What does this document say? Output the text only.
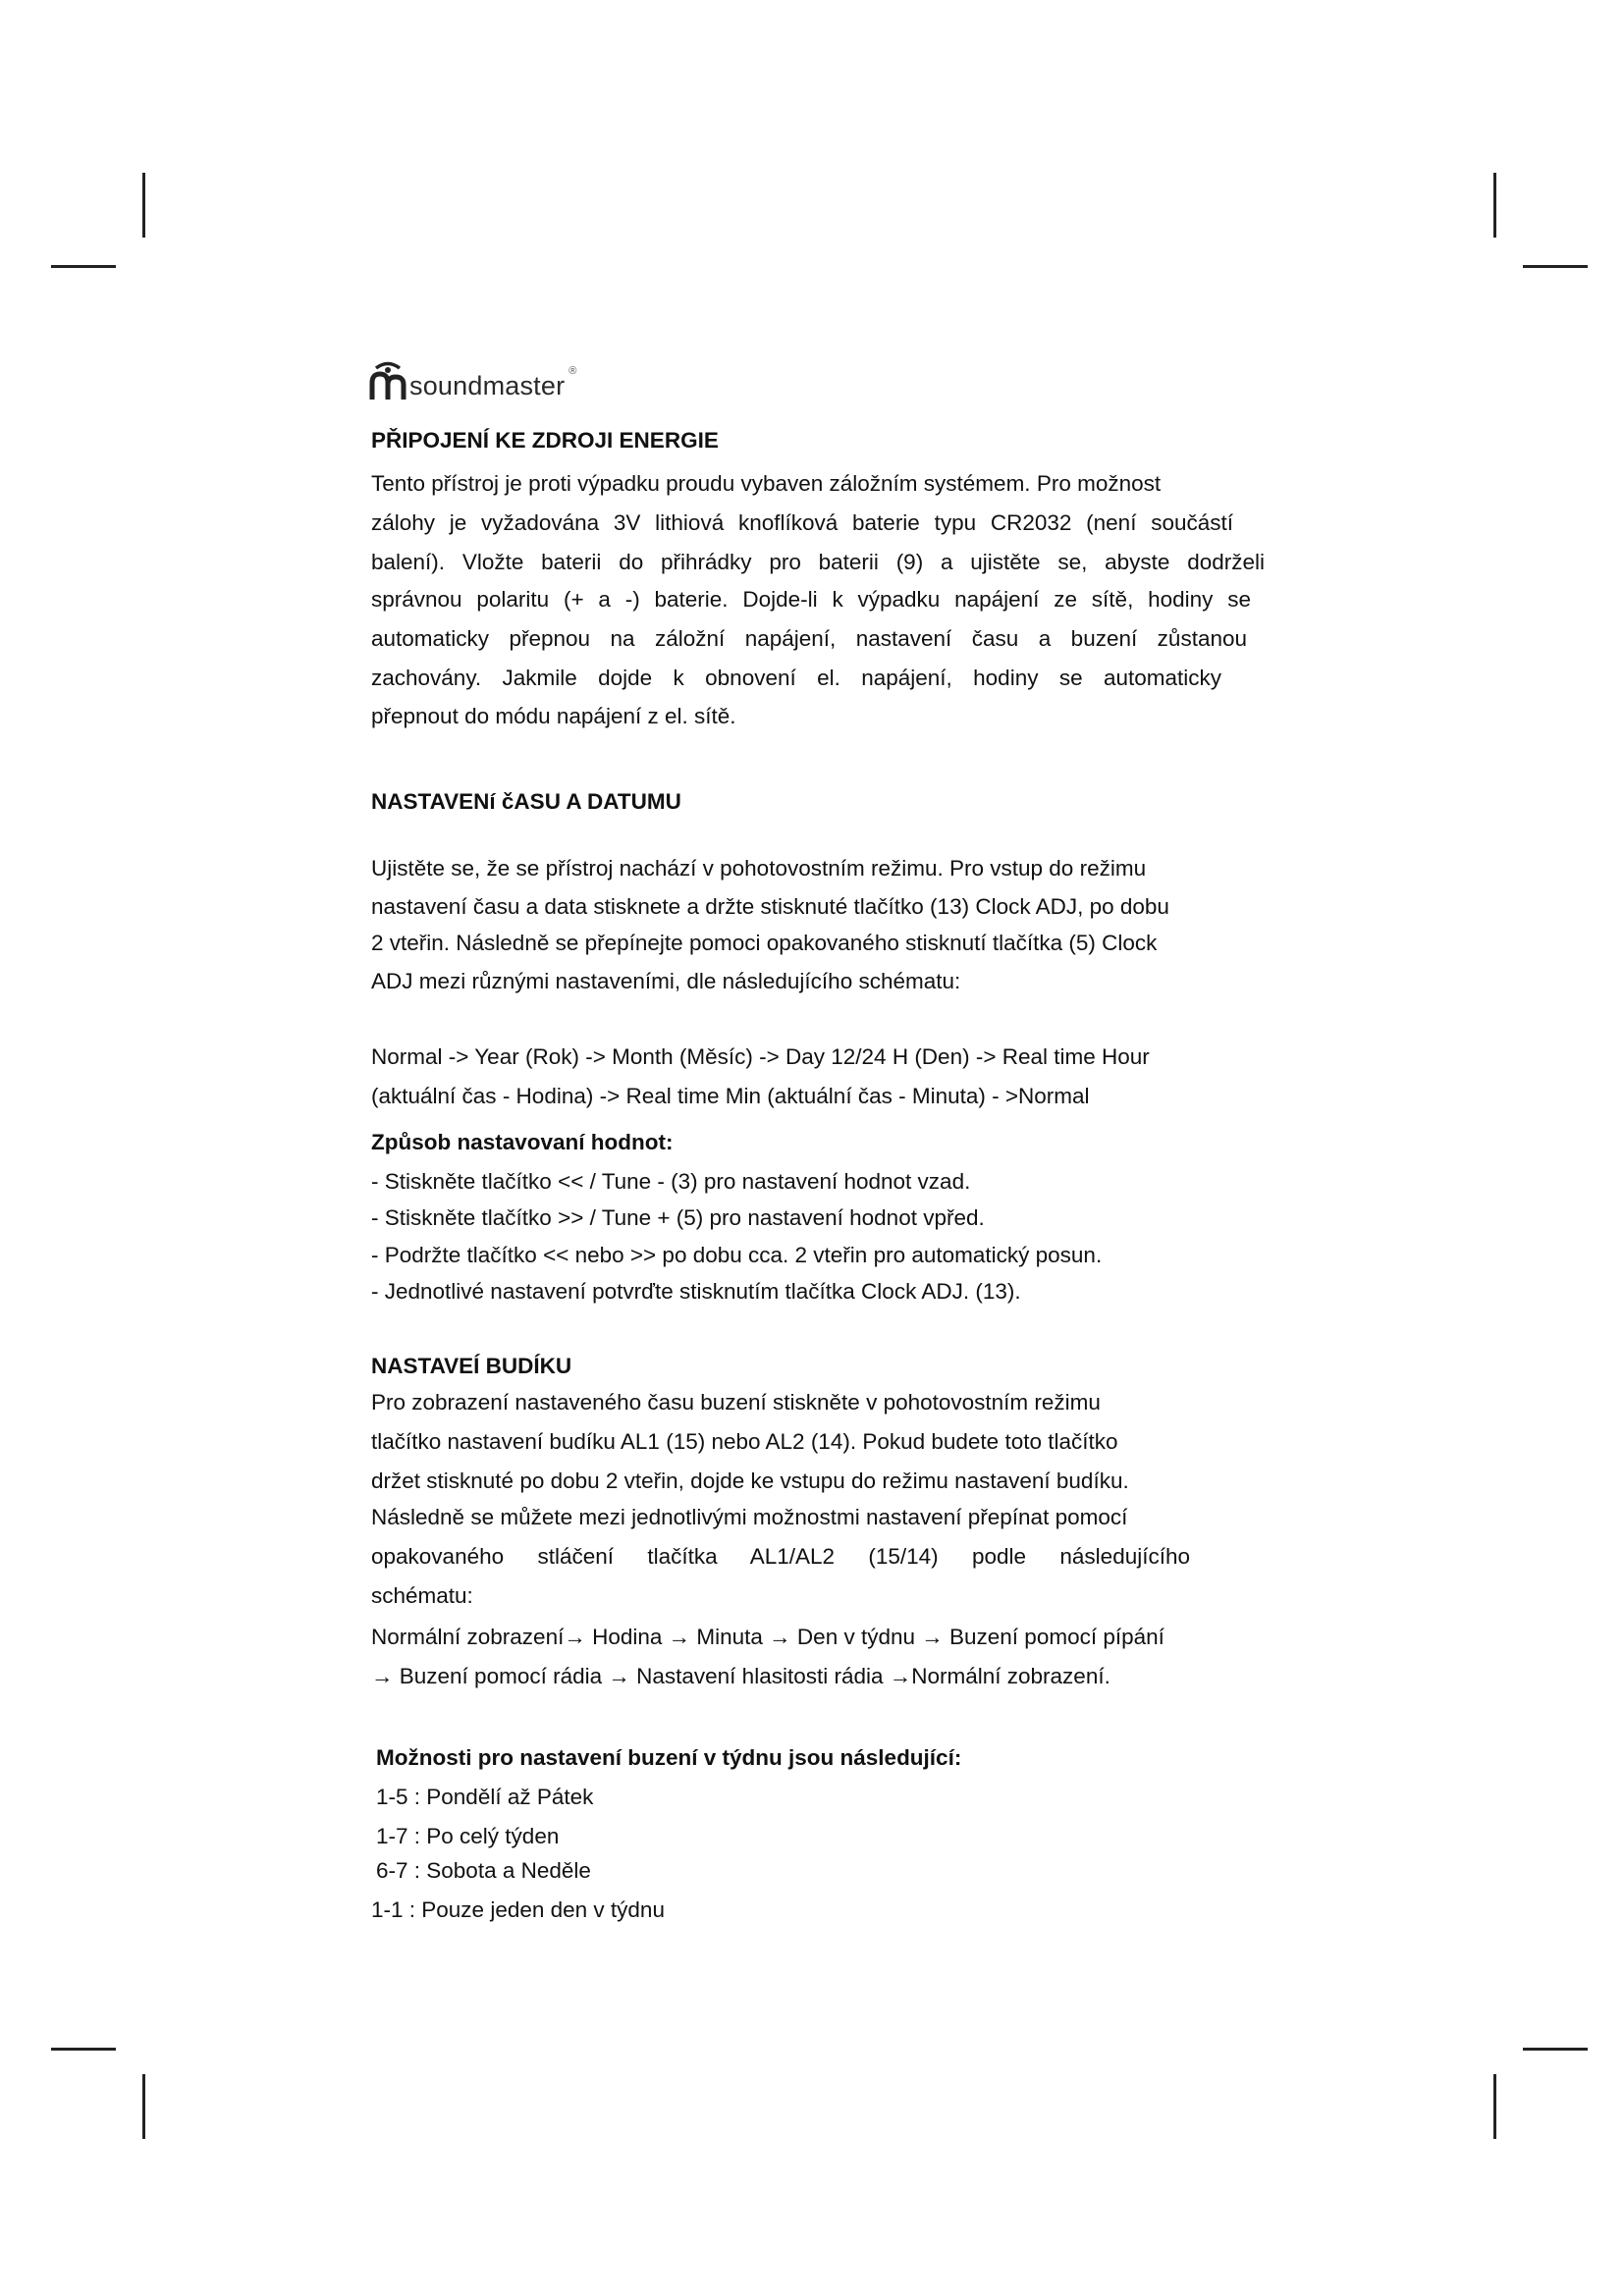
soundmaster ®

PŘIPOJENÍ KE ZDROJI ENERGIE

Tento přístroj je proti výpadku proudu vybaven záložním systémem. Pro možnost

zálohy je vyžadována 3V lithiová knoflíková baterie typu CR2032 (není součástí

balení). Vložte baterii do přihrádky pro baterii (9) a ujistěte se, abyste dodrželi

správnou polaritu (+ a -) baterie. Dojde-li k výpadku napájení ze sítě, hodiny se

automaticky přepnou na záložní napájení, nastavení času a buzení zůstanou

zachovány. Jakmile dojde k obnovení el. napájení, hodiny se automaticky

přepnout do módu napájení z el. sítě.

NASTAVENí čASU A DATUMU

Ujistěte se, že se přístroj nachází v pohotovostním režimu. Pro vstup do režimu

nastavení času a data stisknete a držte stisknuté tlačítko (13) Clock ADJ, po dobu

2 vteřin. Následně se přepínejte pomoci opakovaného stisknutí tlačítka (5) Clock

ADJ mezi různými nastaveními, dle následujícího schématu:

Normal -> Year (Rok) -> Month (Měsíc) -> Day 12/24 H (Den) -> Real time Hour

(aktuální čas - Hodina) -> Real time Min (aktuální čas - Minuta) - >Normal

Způsob nastavovaní hodnot:

- Stiskněte tlačítko << / Tune - (3) pro nastavení hodnot vzad.

- Stiskněte tlačítko >> / Tune + (5) pro nastavení hodnot vpřed.

- Podržte tlačítko << nebo >> po dobu cca. 2 vteřin pro automatický posun.

- Jednotlivé nastavení potvrďte stisknutím tlačítka Clock ADJ. (13).

NASTAVEÍ BUDÍKU

Pro zobrazení nastaveného času buzení stiskněte v pohotovostním režimu

tlačítko nastavení budíku AL1 (15) nebo AL2 (14). Pokud budete toto tlačítko

držet stisknuté po dobu 2 vteřin, dojde ke vstupu do režimu nastavení budíku.

Následně se můžete mezi jednotlivými možnostmi nastavení přepínat pomocí

opakovaného stláčení tlačítka AL1/AL2 (15/14) podle následujícího

schématu:

Normální zobrazení→ Hodina → Minuta → Den v týdnu → Buzení pomocí pípání

→ Buzení pomocí rádia → Nastavení hlasitosti rádia →Normální zobrazení.

Možnosti pro nastavení buzení v týdnu jsou následující:

1-5 : Pondělí až Pátek

1-7 : Po celý týden

6-7 : Sobota a Neděle

1-1 : Pouze jeden den v týdnu
